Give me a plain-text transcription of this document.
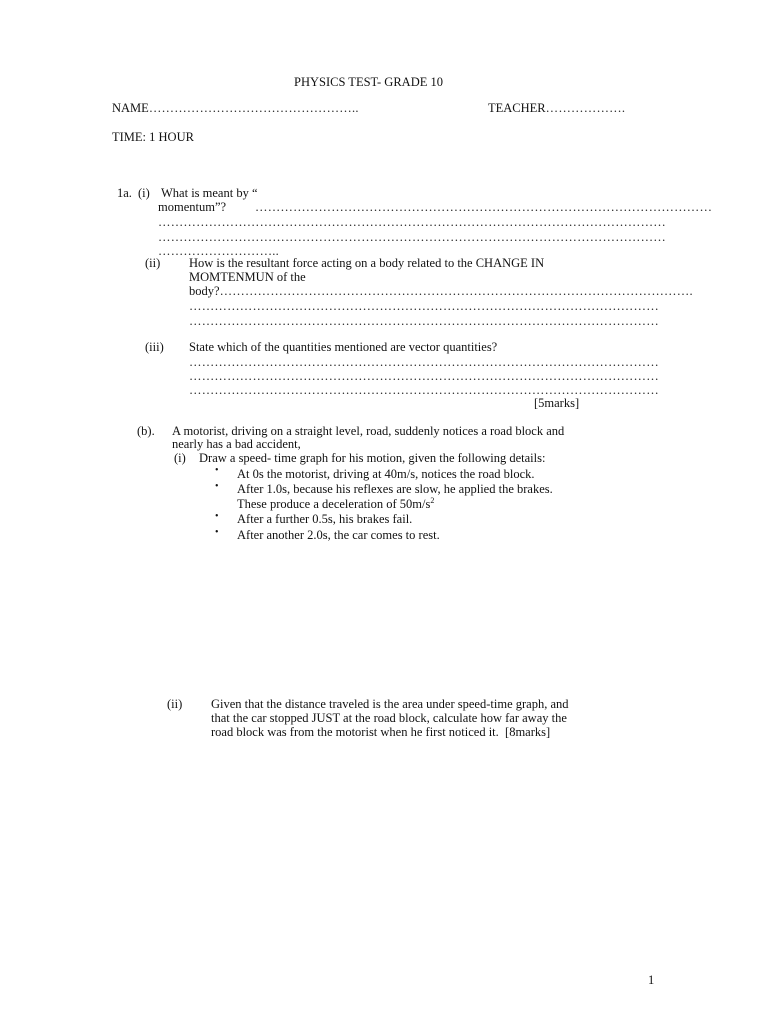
PHYSICS TEST- GRADE 10
NAME…………………………………………..	TEACHER……………….
TIME: 1 HOUR
1a. (i) What is meant by “
momentum”? ………………………………………………………………………………………………
…………………………………………………………………………………………………………
…………………………………………………………………………………………………………
………………………..
(ii) How is the resultant force acting on a body related to the CHANGE IN
MOMTENMUN of the
body?………………………………………………………………………………………………….
…………………………………………………………………………………………………
…………………………………………………………………………………………………
(iii) State which of the quantities mentioned are vector quantities?
…………………………………………………………………………………………………
…………………………………………………………………………………………………
…………………………………………………………………………………………………
[5marks]
(b). A motorist, driving on a straight level, road, suddenly notices a road block and
nearly has a bad accident,
(i) Draw a speed- time graph for his motion, given the following details:
• At 0s the motorist, driving at 40m/s, notices the road block.
• After 1.0s, because his reflexes are slow, he applied the brakes.
These produce a deceleration of $50m/s^2$
• After a further 0.5s, his brakes fail.
• After another 2.0s, the car comes to rest.
(ii) Given that the distance traveled is the area under speed-time graph, and
that the car stopped JUST at the road block, calculate how far away the
road block was from the motorist when he first noticed it. [8marks]
1
